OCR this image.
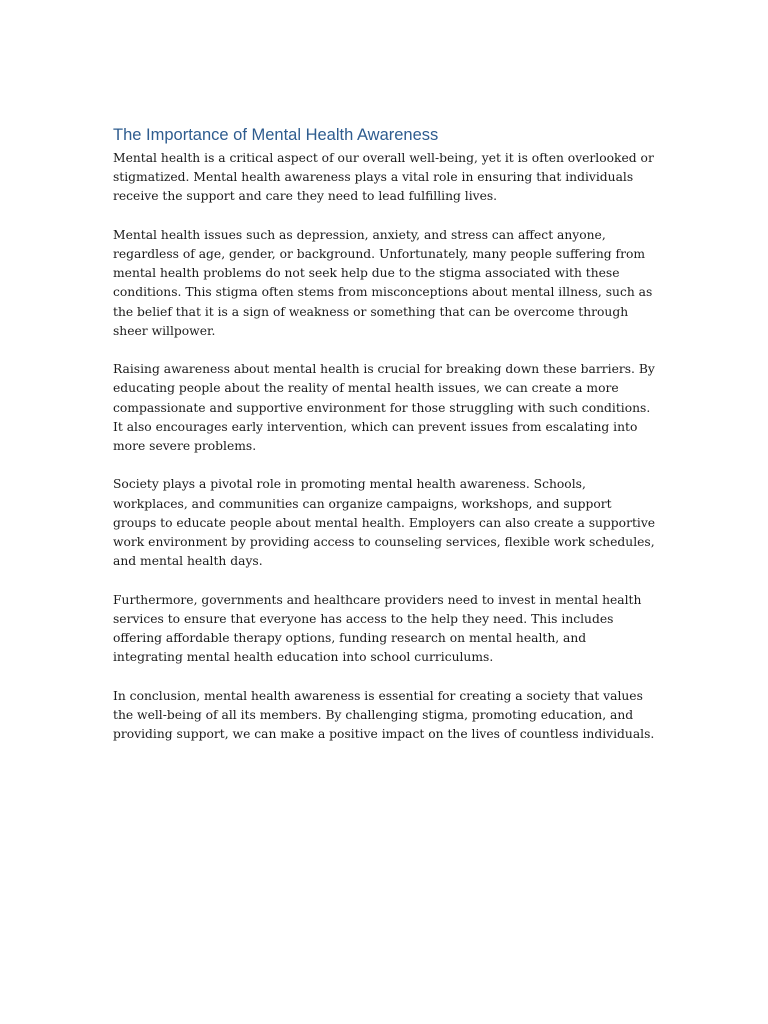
The Importance of Mental Health Awareness

Mental health is a critical aspect of our overall well-being, yet it is often overlooked or stigmatized. Mental health awareness plays a vital role in ensuring that individuals receive the support and care they need to lead fulfilling lives.

Mental health issues such as depression, anxiety, and stress can affect anyone, regardless of age, gender, or background. Unfortunately, many people suffering from mental health problems do not seek help due to the stigma associated with these conditions. This stigma often stems from misconceptions about mental illness, such as the belief that it is a sign of weakness or something that can be overcome through sheer willpower.

Raising awareness about mental health is crucial for breaking down these barriers. By educating people about the reality of mental health issues, we can create a more compassionate and supportive environment for those struggling with such conditions. It also encourages early intervention, which can prevent issues from escalating into more severe problems.

Society plays a pivotal role in promoting mental health awareness. Schools, workplaces, and communities can organize campaigns, workshops, and support groups to educate people about mental health. Employers can also create a supportive work environment by providing access to counseling services, flexible work schedules, and mental health days.

Furthermore, governments and healthcare providers need to invest in mental health services to ensure that everyone has access to the help they need. This includes offering affordable therapy options, funding research on mental health, and integrating mental health education into school curriculums.

In conclusion, mental health awareness is essential for creating a society that values the well-being of all its members. By challenging stigma, promoting education, and providing support, we can make a positive impact on the lives of countless individuals.
